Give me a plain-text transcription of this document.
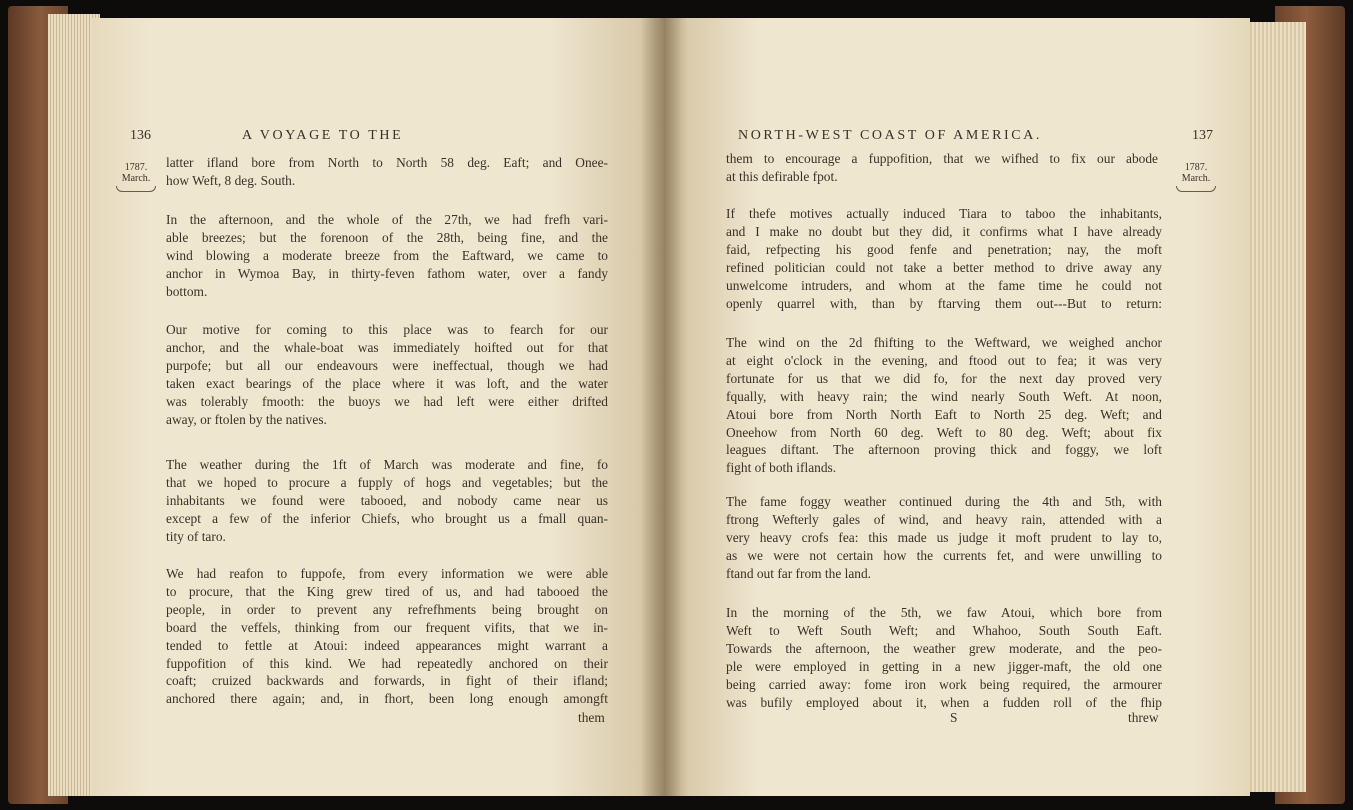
136	A VOYAGE TO THE
1787.
March.
latter ifland bore from North to North 58 deg. Eaft; and Onee-
how Weft, 8 deg. South.
In the afternoon, and the whole of the 27th, we had frefh vari-
able breezes; but the forenoon of the 28th, being fine, and the
wind blowing a moderate breeze from the Eaftward, we came to
anchor in Wymoa Bay, in thirty-feven fathom water, over a fandy
bottom.
Our motive for coming to this place was to fearch for our
anchor, and the whale-boat was immediately hoifted out for that
purpofe; but all our endeavours were ineffectual, though we had
taken exact bearings of the place where it was loft, and the water
was tolerably fmooth: the buoys we had left were either drifted
away, or ftolen by the natives.
The weather during the 1ft of March was moderate and fine, fo
that we hoped to procure a fupply of hogs and vegetables; but the
inhabitants we found were tabooed, and nobody came near us
except a few of the inferior Chiefs, who brought us a fmall quan-
tity of taro.
We had reafon to fuppofe, from every information we were able
to procure, that the King grew tired of us, and had tabooed the
people, in order to prevent any refrefhments being brought on
board the veffels, thinking from our frequent vifits, that we in-
tended to fettle at Atoui: indeed appearances might warrant a
fuppofition of this kind. We had repeatedly anchored on their
coaft; cruized backwards and forwards, in fight of their ifland;
anchored there again; and, in fhort, been long enough amongft
them
NORTH-WEST COAST OF AMERICA.	137
1787.
March.
them to encourage a fuppofition, that we wifhed to fix our abode
at this defirable fpot.
If thefe motives actually induced Tiara to taboo the inhabitants,
and I make no doubt but they did, it confirms what I have already
faid, refpecting his good fenfe and penetration; nay, the moft
refined politician could not take a better method to drive away any
unwelcome intruders, and whom at the fame time he could not
openly quarrel with, than by ftarving them out---But to return:
The wind on the 2d fhifting to the Weftward, we weighed anchor
at eight o'clock in the evening, and ftood out to fea; it was very
fortunate for us that we did fo, for the next day proved very
fqually, with heavy rain; the wind nearly South Weft. At noon,
Atoui bore from North North Eaft to North 25 deg. Weft; and
Oneehow from North 60 deg. Weft to 80 deg. Weft; about fix
leagues diftant. The afternoon proving thick and foggy, we loft
fight of both iflands.
The fame foggy weather continued during the 4th and 5th, with
ftrong Wefterly gales of wind, and heavy rain, attended with a
very heavy crofs fea: this made us judge it moft prudent to lay to,
as we were not certain how the currents fet, and were unwilling to
ftand out far from the land.
In the morning of the 5th, we faw Atoui, which bore from
Weft to Weft South Weft; and Whahoo, South South Eaft.
Towards the afternoon, the weather grew moderate, and the peo-
ple were employed in getting in a new jigger-maft, the old one
being carried away: fome iron work being required, the armourer
was bufily employed about it, when a fudden roll of the fhip
S	threw
